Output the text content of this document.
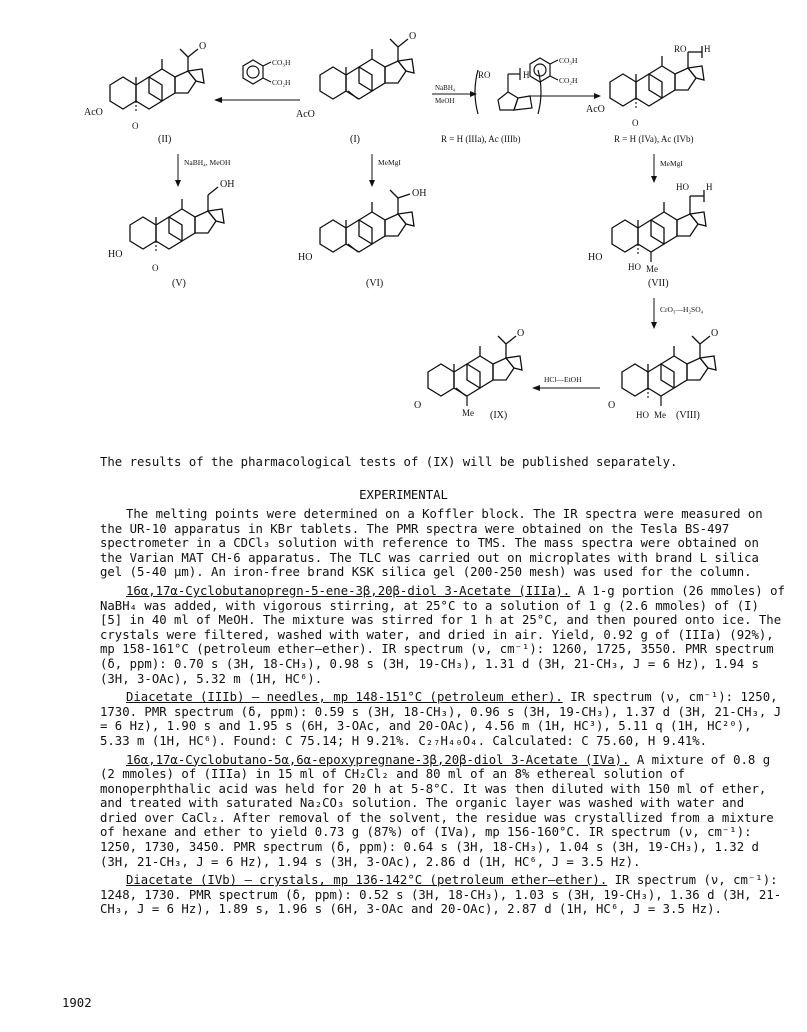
AcO
O
O
(II)
CO₃H
CO₂H
AcO
O
(I)
NaBH₄
MeOH
RO	H
R = H (IIIa), Ac (IIIb)
CO₃H
CO₂H
AcO
O
RO H
R = H (IVa), Ac (IVb)
NaBH₄, MeOH	MeMgI	MeMgI
HO
O
OH
(V)
HO
OH
(VI)
HO
HO Me
HO H
(VII)
CrO₃—H₂SO₄
O
O
HO Me (VIII)
HCl—EtOH
O
Me
O
(IX)
The results of the pharmacological tests of (IX) will be published separately.
EXPERIMENTAL

The melting points were determined on a Koffler block. The IR spectra were measured on the UR-10 apparatus in KBr tablets. The PMR spectra were obtained on the Tesla BS-497 spectrometer in a CDCl₃ solution with reference to TMS. The mass spectra were obtained on the Varian MAT CH-6 apparatus. The TLC was carried out on microplates with brand L silica gel (5-40 μm). An iron-free brand KSK silica gel (200-250 mesh) was used for the column.

16α,17α-Cyclobutanopregn-5-ene-3β,20β-diol 3-Acetate (IIIa). A 1-g portion (26 mmoles) of NaBH₄ was added, with vigorous stirring, at 25°C to a solution of 1 g (2.6 mmoles) of (I) [5] in 40 ml of MeOH. The mixture was stirred for 1 h at 25°C, and then poured onto ice. The crystals were filtered, washed with water, and dried in air. Yield, 0.92 g of (IIIa) (92%), mp 158-161°C (petroleum ether—ether). IR spectrum (ν, cm⁻¹): 1260, 1725, 3550. PMR spectrum (δ, ppm): 0.70 s (3H, 18-CH₃), 0.98 s (3H, 19-CH₃), 1.31 d (3H, 21-CH₃, J = 6 Hz), 1.94 s (3H, 3-OAc), 5.32 m (1H, HC⁶).

Diacetate (IIIb) — needles, mp 148-151°C (petroleum ether). IR spectrum (ν, cm⁻¹): 1250, 1730. PMR spectrum (δ, ppm): 0.59 s (3H, 18-CH₃), 0.96 s (3H, 19-CH₃), 1.37 d (3H, 21-CH₃, J = 6 Hz), 1.90 s and 1.95 s (6H, 3-OAc, and 20-OAc), 4.56 m (1H, HC³), 5.11 q (1H, HC²⁰), 5.33 m (1H, HC⁶). Found: C 75.14; H 9.21%. C₂₇H₄₀O₄. Calculated: C 75.60, H 9.41%.

16α,17α-Cyclobutano-5α,6α-epoxypregnane-3β,20β-diol 3-Acetate (IVa). A mixture of 0.8 g (2 mmoles) of (IIIa) in 15 ml of CH₂Cl₂ and 80 ml of an 8% ethereal solution of monoperphthalic acid was held for 20 h at 5-8°C. It was then diluted with 150 ml of ether, and treated with saturated Na₂CO₃ solution. The organic layer was washed with water and dried over CaCl₂. After removal of the solvent, the residue was crystallized from a mixture of hexane and ether to yield 0.73 g (87%) of (IVa), mp 156-160°C. IR spectrum (ν, cm⁻¹): 1250, 1730, 3450. PMR spectrum (δ, ppm): 0.64 s (3H, 18-CH₃), 1.04 s (3H, 19-CH₃), 1.32 d (3H, 21-CH₃, J = 6 Hz), 1.94 s (3H, 3-OAc), 2.86 d (1H, HC⁶, J = 3.5 Hz).

Diacetate (IVb) — crystals, mp 136-142°C (petroleum ether—ether). IR spectrum (ν, cm⁻¹): 1248, 1730. PMR spectrum (δ, ppm): 0.52 s (3H, 18-CH₃), 1.03 s (3H, 19-CH₃), 1.36 d (3H, 21-CH₃, J = 6 Hz), 1.89 s, 1.96 s (6H, 3-OAc and 20-OAc), 2.87 d (1H, HC⁶, J = 3.5 Hz).

1902
